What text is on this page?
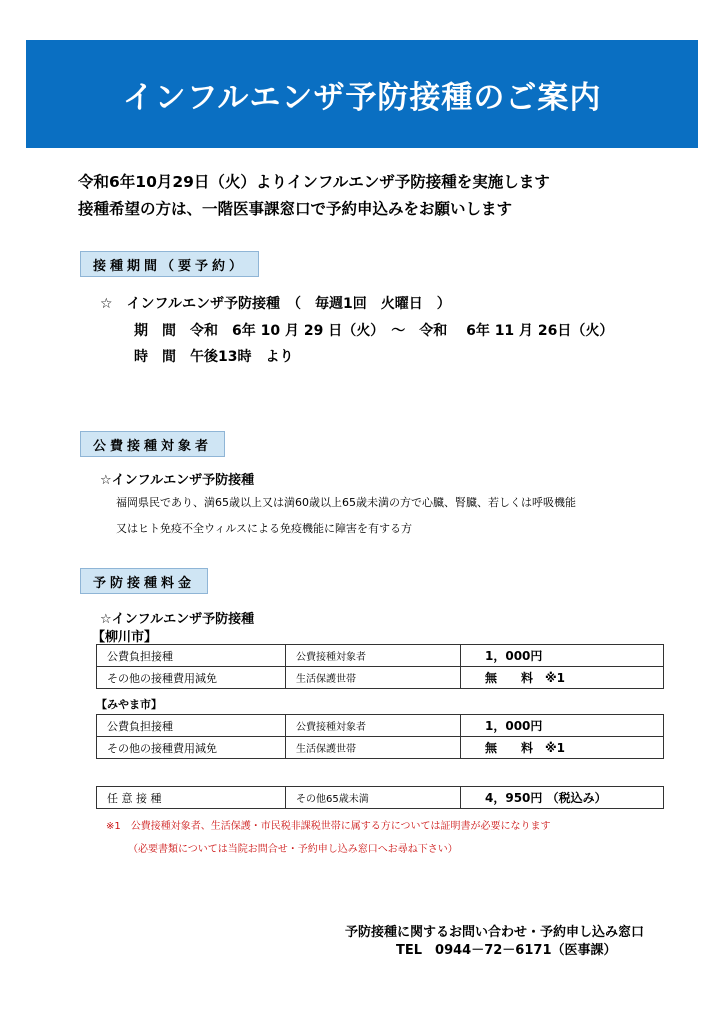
インフルエンザ予防接種のご案内
令和6年10月29日（火）よりインフルエンザ予防接種を実施します
接種希望の方は、一階医事課窓口で予約申込みをお願いします
接種期間（要予約）
☆　インフルエンザ予防接種　（　毎週1回　火曜日　）
期　間　令和　6年 10 月 29 日（火）　～　令和　 6年 11 月 26日（火）
時　間　午後13時　より
公費接種対象者
☆インフルエンザ予防接種
福岡県民であり、満65歳以上又は満60歳以上65歳未満の方で心臓、腎臓、若しくは呼吸機能
又はヒト免疫不全ウィルスによる免疫機能に障害を有する方
予防接種料金
☆インフルエンザ予防接種
【柳川市】
公費負担接種	公費接種対象者	1，000円
その他の接種費用減免	生活保護世帯	無　　料　※1
【みやま市】
公費負担接種	公費接種対象者	1，000円
その他の接種費用減免	生活保護世帯	無　　料　※1
任 意 接 種	その他65歳未満	4，950円 （税込み）
※1　公費接種対象者、生活保護・市民税非課税世帯に属する方については証明書が必要になります
（必要書類については当院お問合せ・予約申し込み窓口へお尋ね下さい）
予防接種に関するお問い合わせ・予約申し込み窓口
TEL　0944－72－6171（医事課）
